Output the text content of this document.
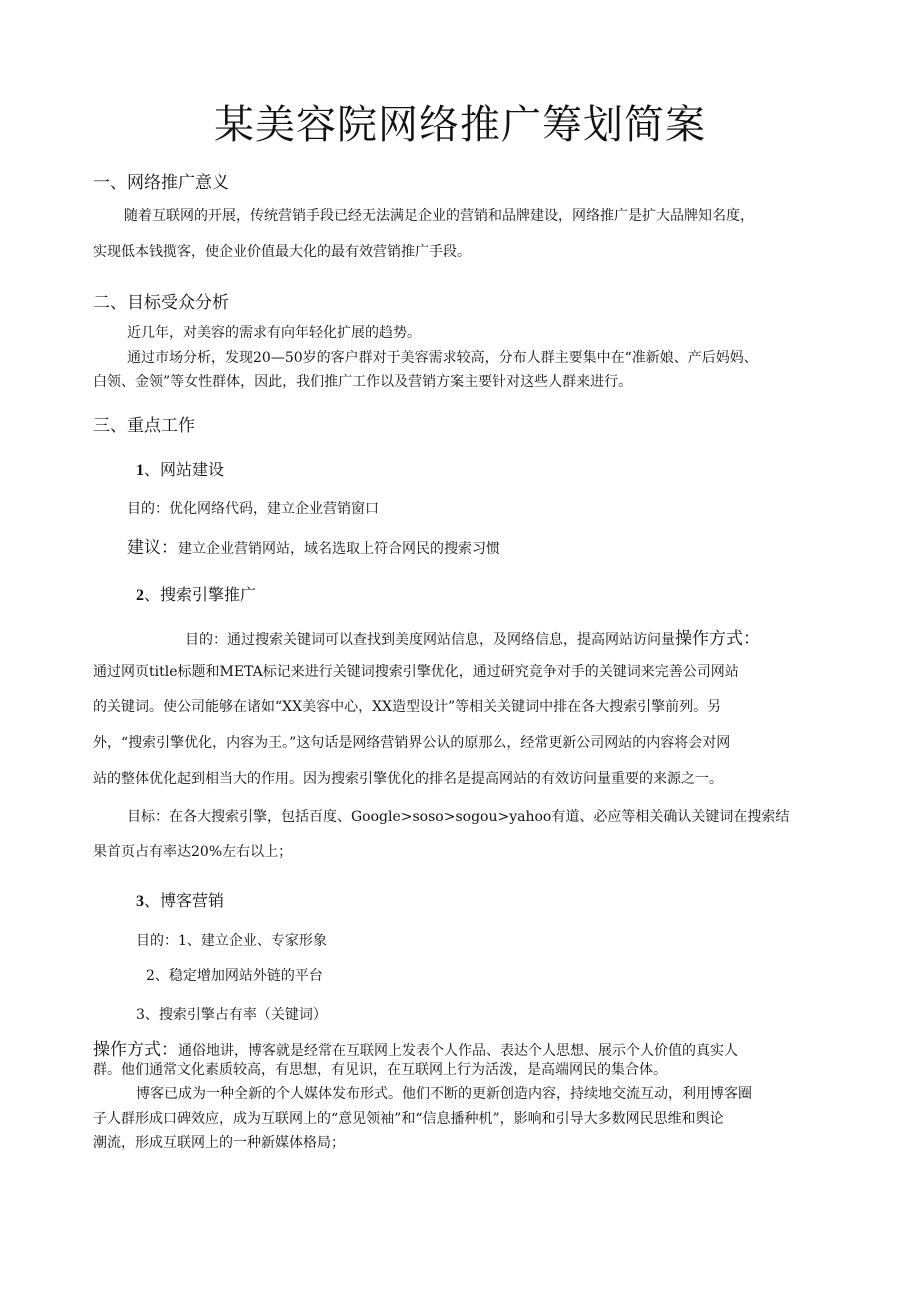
某美容院网络推广筹划简案
一、网络推广意义
随着互联网的开展，传统营销手段已经无法满足企业的营销和品牌建设，网络推广是扩大品牌知名度，
实现低本钱揽客，使企业价值最大化的最有效营销推广手段。
二、目标受众分析
近几年，对美容的需求有向年轻化扩展的趋势。
通过市场分析，发现20—50岁的客户群对于美容需求较高，分布人群主要集中在“准新娘、产后妈妈、
白领、金领”等女性群体，因此，我们推广工作以及营销方案主要针对这些人群来进行。
三、重点工作
1、网站建设
目的：优化网络代码，建立企业营销窗口
建议：建立企业营销网站，域名选取上符合网民的搜索习惯
2、搜索引擎推广
目的：通过搜索关键词可以查找到美度网站信息，及网络信息，提高网站访问量操作方式：
通过网页title标题和META标记来进行关键词搜索引擎优化，通过研究竞争对手的关键词来完善公司网站
的关键词。使公司能够在诸如“XX美容中心，XX造型设计”等相关关键词中排在各大搜索引擎前列。另
外，“搜索引擎优化，内容为王。”这句话是网络营销界公认的原那么，经常更新公司网站的内容将会对网
站的整体优化起到相当大的作用。因为搜索引擎优化的排名是提高网站的有效访问量重要的来源之一。
目标：在各大搜索引擎，包括百度、Google>soso>sogou>yahoo有道、必应等相关确认关键词在搜索结
果首页占有率达20%左右以上；
3、博客营销
目的：1、建立企业、专家形象
2、稳定增加网站外链的平台
3、搜索引擎占有率（关键词）
操作方式：通俗地讲，博客就是经常在互联网上发表个人作品、表达个人思想、展示个人价值的真实人
群。他们通常文化素质较高，有思想，有见识，在互联网上行为活泼，是高端网民的集合体。
博客已成为一种全新的个人媒体发布形式。他们不断的更新创造内容，持续地交流互动，利用博客圈
子人群形成口碑效应，成为互联网上的“意见领袖”和“信息播种机”，影响和引导大多数网民思维和舆论
潮流，形成互联网上的一种新媒体格局；
